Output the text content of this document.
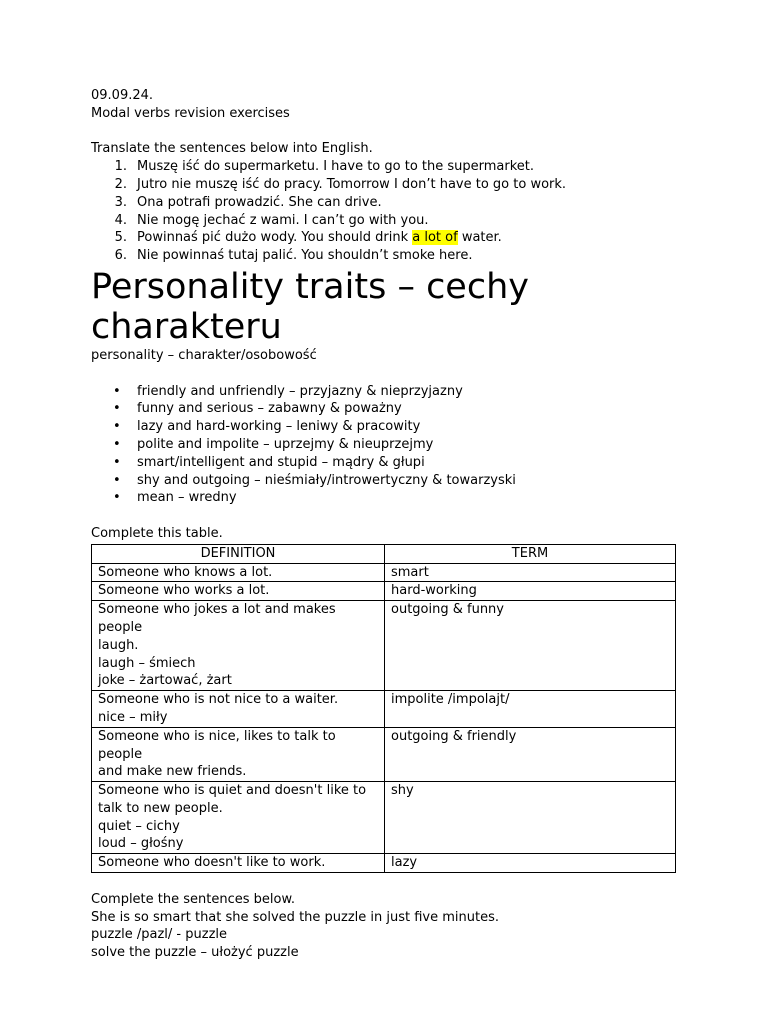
09.09.24.
Modal verbs revision exercises
Translate the sentences below into English.
1. Muszę iść do supermarketu. I have to go to the supermarket.
2. Jutro nie muszę iść do pracy. Tomorrow I don’t have to go to work.
3. Ona potrafi prowadzić. She can drive.
4. Nie mogę jechać z wami. I can’t go with you.
5. Powinnaś pić dużo wody. You should drink a lot of water.
6. Nie powinnaś tutaj palić. You shouldn’t smoke here.
Personality traits – cechy
charakteru
personality – charakter/osobowość
• friendly and unfriendly – przyjazny & nieprzyjazny
• funny and serious – zabawny & poważny
• lazy and hard-working – leniwy & pracowity
• polite and impolite – uprzejmy & nieuprzejmy
• smart/intelligent and stupid – mądry & głupi
• shy and outgoing – nieśmiały/introwertyczny & towarzyski
• mean – wredny
Complete this table.
DEFINITION	TERM

Someone who knows a lot.	smart

Someone who works a lot.	hard-working

Someone who jokes a lot and makes people
laugh.
laugh – śmiech
joke – żartować, żart	outgoing & funny

Someone who is not nice to a waiter.
nice – miły	impolite /impolajt/

Someone who is nice, likes to talk to people
and make new friends.	outgoing & friendly

Someone who is quiet and doesn't like to
talk to new people.
quiet – cichy
loud – głośny	shy

Someone who doesn't like to work.	lazy
Complete the sentences below.
She is so smart that she solved the puzzle in just five minutes.
puzzle /pazl/ - puzzle
solve the puzzle – ułożyć puzzle
